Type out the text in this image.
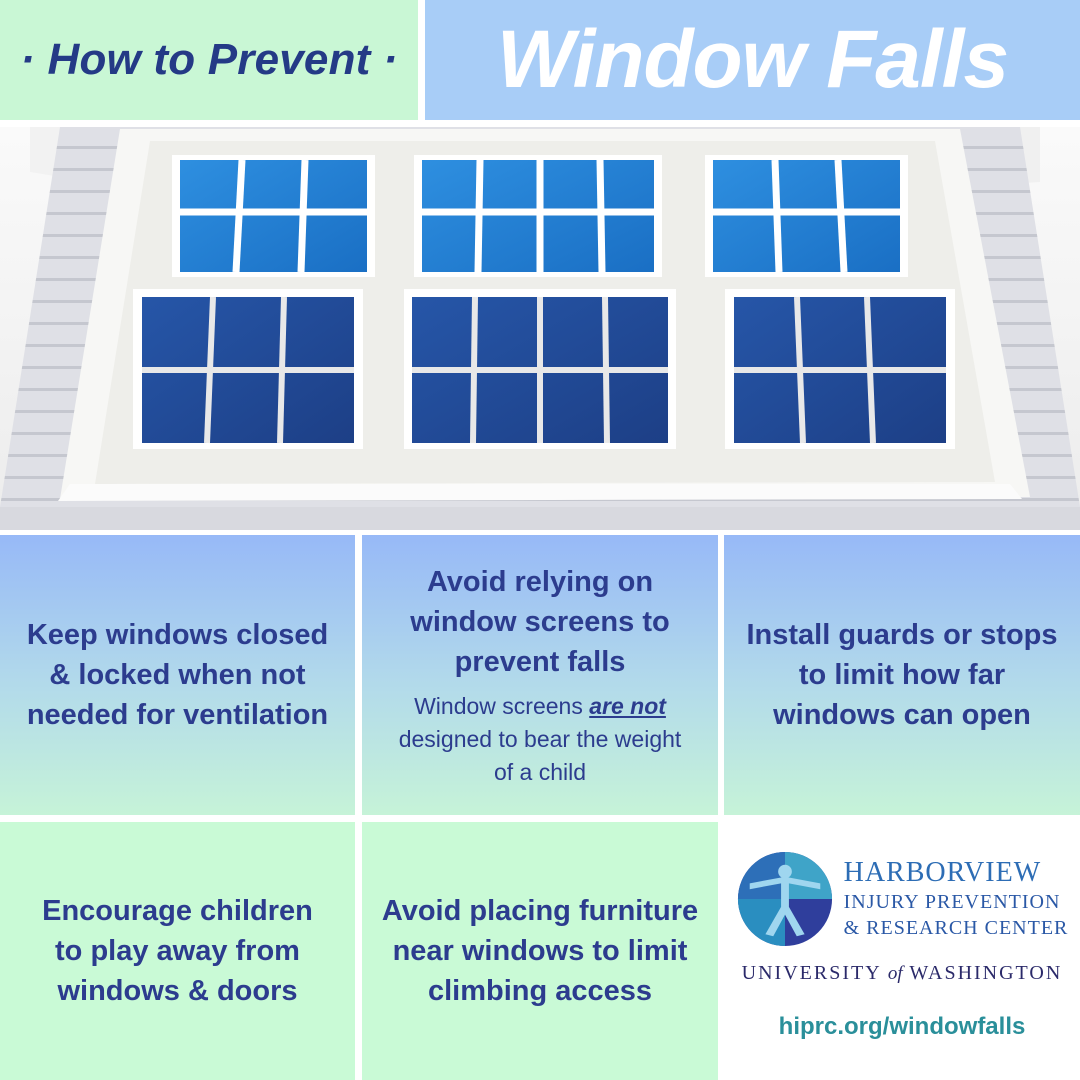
· How to Prevent · Window Falls
Keep windows closed & locked when not needed for ventilation
Avoid relying on window screens to prevent falls
Window screens are not designed to bear the weight of a child
Install guards or stops to limit how far windows can open
Encourage children to play away from windows & doors
Avoid placing furniture near windows to limit climbing access
HARBORVIEW
INJURY PREVENTION
& RESEARCH CENTER
UNIVERSITY of WASHINGTON
hiprc.org/windowfalls
